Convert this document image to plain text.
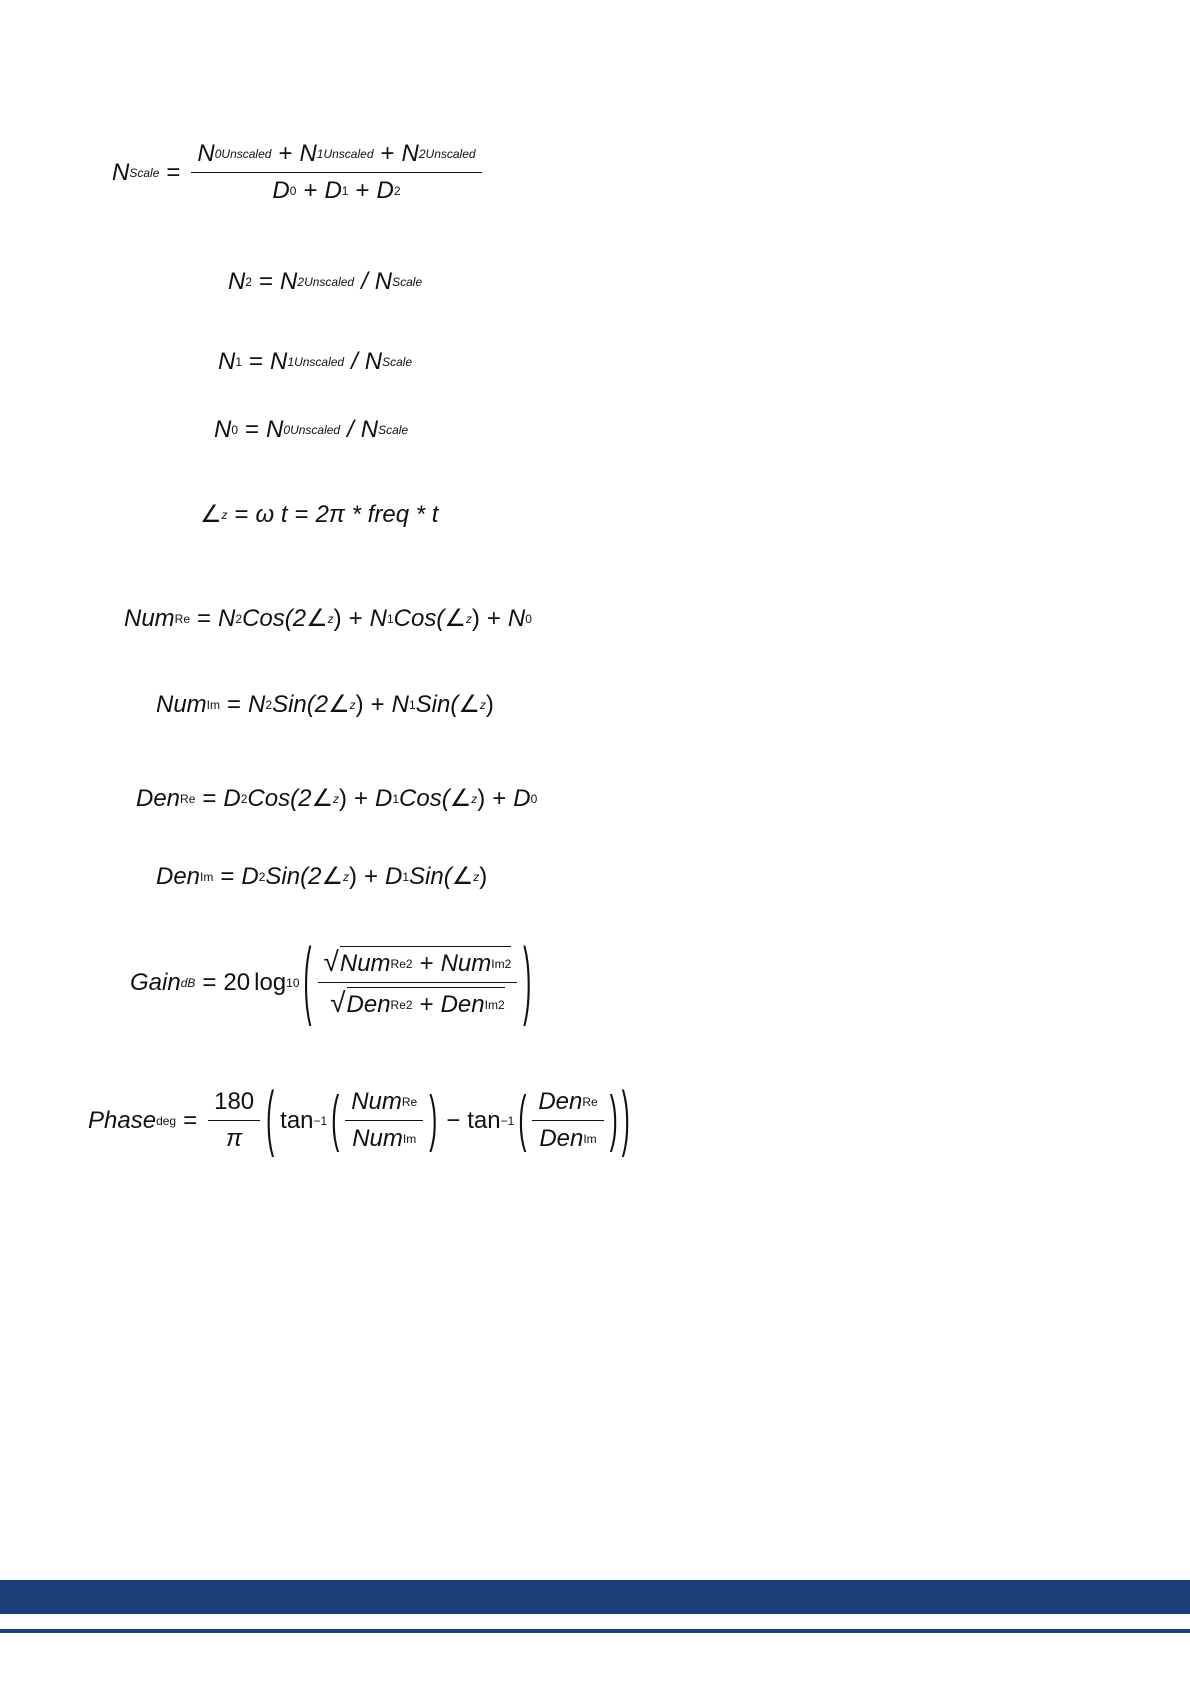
N Scale = $\frac{\text{N 0Unscaled + N 1Unscaled + N 2Unscaled}}{D 0 + D 1 + D 2}$
N 2 = N 2Unscaled / N Scale
N 1 = N 1Unscaled / N Scale
N 0 = N 0Unscaled / N Scale
∠ z = ω t = 2π * freq * t
Num Re = N 2 Cos(2∠ z ) + N 1 Cos(∠ z ) + N 0
Num Im = N 2 Sin(2∠ z ) + N 1 Sin(∠ z )
Den Re = D 2 Cos(2∠ z ) + D 1 Cos(∠ z ) + D 0
Den Im = D 2 Sin(2∠ z ) + D 1 Sin(∠ z )
Gain dB = 20 log 10 ( $\frac{\text{√ Num Re 2 + Num Im 2}}{\text{√ Den Re 2 + Den Im 2}}$ )
Phase deg = $\frac{180}{\pi}$ ( tan −1 ( $\frac{\text{Num Re}}{\text{Num Im}}$ ) − tan −1 ( $\frac{\text{Den Re}}{\text{Den Im}}$ ) )
